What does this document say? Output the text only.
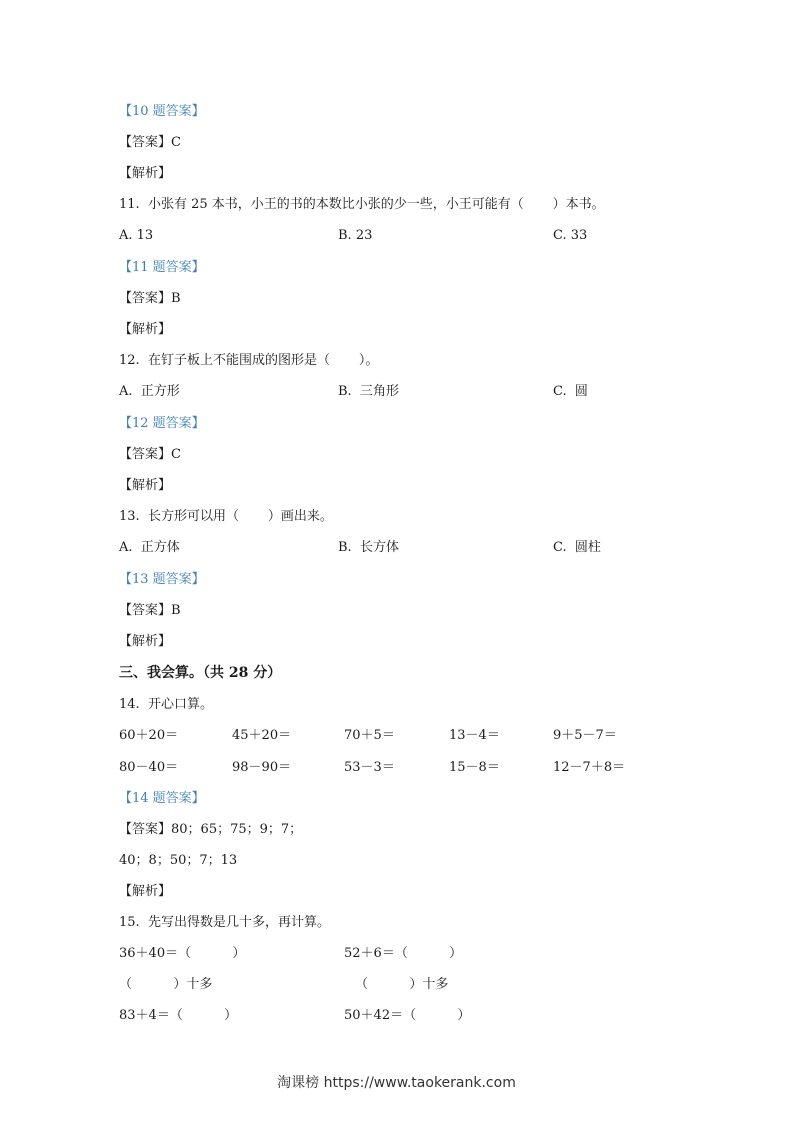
【10 题答案】
【答案】C
【解析】
11.  小张有 25 本书，小王的书的本数比小张的少一些，小王可能有（       ）本书。
A. 13	B. 23	C. 33
【11 题答案】
【答案】B
【解析】
12.  在钉子板上不能围成的图形是（       ）。
A.  正方形	B.  三角形	C.  圆
【12 题答案】
【答案】C
【解析】
13.  长方形可以用（       ）画出来。
A.  正方体	B.  长方体	C.  圆柱
【13 题答案】
【答案】B
【解析】
三、我会算。（共 28 分）
14.  开心口算。
60＋20＝	45＋20＝	70＋5＝	13－4＝	9＋5－7＝
80－40＝	98－90＝	53－3＝	15－8＝	12－7＋8＝
【14 题答案】
【答案】80；65；75；9；7；
40；8；50；7；13
【解析】
15.  先写出得数是几十多，再计算。
36＋40＝（          ）	52＋6＝（          ）
（          ）十多	（          ）十多
83＋4＝（          ）	50＋42＝（          ）
淘课榜 https://www.taokerank.com
